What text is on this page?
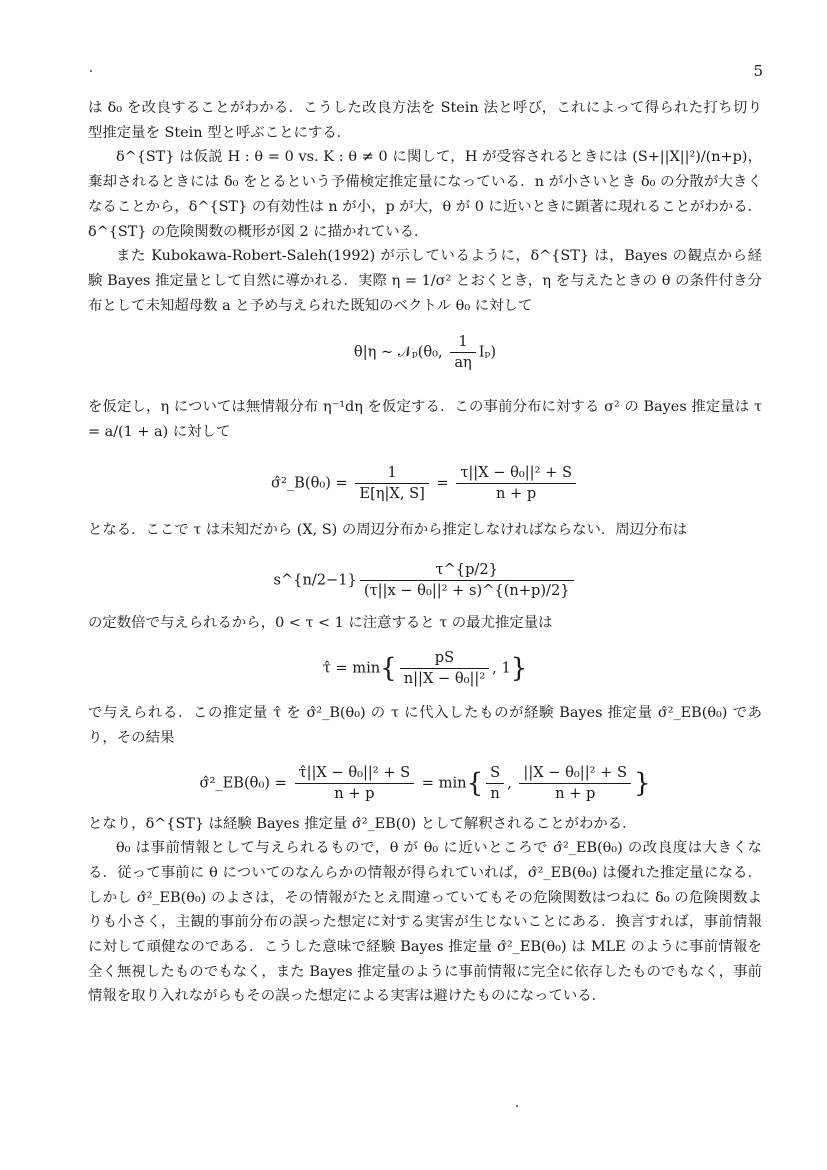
5

は δ₀ を改良することがわかる．こうした改良方法を Stein 法と呼び，これによって得られた打ち切り型推定量を Stein 型と呼ぶことにする．

δ^{ST} は仮説 H : θ = 0 vs. K : θ ≠ 0 に関して，H が受容されるときには (S+||X||²)/(n+p)，棄却されるときには δ₀ をとるという予備検定推定量になっている．n が小さいとき δ₀ の分散が大きくなることから，δ^{ST} の有効性は n が小，p が大，θ が 0 に近いときに顕著に現れることがわかる．δ^{ST} の危険関数の概形が図 2 に描かれている．

また Kubokawa-Robert-Saleh(1992) が示しているように，δ^{ST} は，Bayes の観点から経験 Bayes 推定量として自然に導かれる．実際 η = 1/σ² とおくとき，η を与えたときの θ の条件付き分布として未知超母数 a と予め与えられた既知のベクトル θ₀ に対して

θ|η ∼ 𝒩ₚ(θ₀, $\frac{1}{a\eta} I_p$)

を仮定し，η については無情報分布 η⁻¹dη を仮定する．この事前分布に対する σ² の Bayes 推定量は τ = a/(1 + a) に対して

σ̂²_B(θ₀) = $\frac{1}{E[\eta|X, S]} = \frac{\text{τ||X − θ₀||² + S}}{n + p}$

となる．ここで τ は未知だから (X, S) の周辺分布から推定しなければならない．周辺分布は

s^{n/2−1} $\frac{\tau\^{}\{p/2\}}{\text{(τ||x − θ₀||² + s)\textasciicircum{}\{(n+p)/2\}}}$

の定数倍で与えられるから，0 < τ < 1 に注意すると τ の最尤推定量は

τ̂ = $\min\{ \frac{pS}{\text{n||X − θ₀||²}}$ , 1}

で与えられる．この推定量 τ̂ を σ̂²_B(θ₀) の τ に代入したものが経験 Bayes 推定量 σ̂²_EB(θ₀) であり，その結果

σ̂²_EB(θ₀) = $\frac{\text{τ̂||X − θ₀||² + S}}{n + p} = \min\{ \frac{S}{n}$ , $\frac{\text{||X − θ₀||² + S}}{n + p}$ }

となり，δ^{ST} は経験 Bayes 推定量 σ̂²_EB(0) として解釈されることがわかる．

θ₀ は事前情報として与えられるもので，θ が θ₀ に近いところで σ̂²_EB(θ₀) の改良度は大きくなる．従って事前に θ についてのなんらかの情報が得られていれば，σ̂²_EB(θ₀) は優れた推定量になる．しかし σ̂²_EB(θ₀) のよさは，その情報がたとえ間違っていてもその危険関数はつねに δ₀ の危険関数よりも小さく，主観的事前分布の誤った想定に対する実害が生じないことにある．換言すれば，事前情報に対して頑健なのである．こうした意味で経験 Bayes 推定量 σ̂²_EB(θ₀) は MLE のように事前情報を全く無視したものでもなく，また Bayes 推定量のように事前情報に完全に依存したものでもなく，事前情報を取り入れながらもその誤った想定による実害は避けたものになっている．
